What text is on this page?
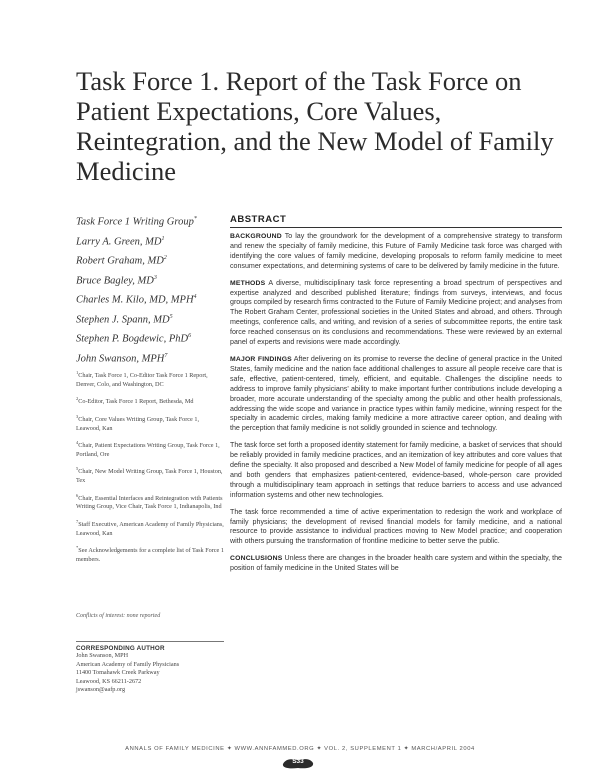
Task Force 1. Report of the Task Force on Patient Expectations, Core Values, Reintegration, and the New Model of Family Medicine
Task Force 1 Writing Group*
Larry A. Green, $MD^1$
Robert Graham, $MD^2$
Bruce Bagley, $MD^3$
Charles M. Kilo, MD, MPH$^4$
Stephen J. Spann, $MD^5$
Stephen P. Bogdewic, PhD$^6$
John Swanson, MPH$^7$
$^1$Chair, Task Force 1, Co-Editor Task Force 1 Report, Denver, Colo, and Washington, DC
$^2$Co-Editor, Task Force 1 Report, Bethesda, Md
$^3$Chair, Core Values Writing Group, Task Force 1, Leawood, Kan
$^4$Chair, Patient Expectations Writing Group, Task Force 1, Portland, Ore
$^5$Chair, New Model Writing Group, Task Force 1, Houston, Tex
$^6$Chair, Essential Interfaces and Reintegration with Patients Writing Group, Vice Chair, Task Force 1, Indianapolis, Ind
$^7$Staff Executive, American Academy of Family Physicians, Leawood, Kan
*See Acknowledgements for a complete list of Task Force 1 members.
Conflicts of interest: none reported
CORRESPONDING AUTHOR
John Swanson, MPH
American Academy of Family Physicians
11400 Tomahawk Creek Parkway
Leawood, KS 66211-2672
jswanson@aafp.org
ABSTRACT

BACKGROUND To lay the groundwork for the development of a comprehensive strategy to transform and renew the specialty of family medicine, this Future of Family Medicine task force was charged with identifying the core values of family medicine, developing proposals to reform family medicine to meet consumer expectations, and determining systems of care to be delivered by family medicine in the future.

METHODS A diverse, multidisciplinary task force representing a broad spectrum of perspectives and expertise analyzed and described published literature; findings from surveys, interviews, and focus groups compiled by research firms contracted to the Future of Family Medicine project; and analyses from The Robert Graham Center, professional societies in the United States and abroad, and others. Through meetings, conference calls, and writing, and revision of a series of subcommittee reports, the entire task force reached consensus on its conclusions and recommendations. These were reviewed by an external panel of experts and revisions were made accordingly.

MAJOR FINDINGS After delivering on its promise to reverse the decline of general practice in the United States, family medicine and the nation face additional challenges to assure all people receive care that is safe, effective, patient-centered, timely, efficient, and equitable. Challenges the discipline needs to address to improve family physicians' ability to make important further contributions include developing a broader, more accurate understanding of the specialty among the public and other health professionals, addressing the wide scope and variance in practice types within family medicine, winning respect for the specialty in academic circles, making family medicine a more attractive career option, and dealing with the perception that family medicine is not solidly grounded in science and technology.

The task force set forth a proposed identity statement for family medicine, a basket of services that should be reliably provided in family medicine practices, and an itemization of key attributes and core values that define the specialty. It also proposed and described a New Model of family medicine for people of all ages and both genders that emphasizes patient-centered, evidence-based, whole-person care provided through a multidisciplinary team approach in settings that reduce barriers to access and use advanced information systems and other new technologies.

The task force recommended a time of active experimentation to redesign the work and workplace of family physicians; the development of revised financial models for family medicine, and a national resource to provide assistance to individual practices moving to New Model practice; and cooperation with others pursuing the transformation of frontline medicine to better serve the public.

CONCLUSIONS Unless there are changes in the broader health care system and within the specialty, the position of family medicine in the United States will be

ANNALS OF FAMILY MEDICINE ✦ WWW.ANNFAMMED.ORG ✦ VOL. 2, SUPPLEMENT 1 ✦ MARCH/APRIL 2004
S33
